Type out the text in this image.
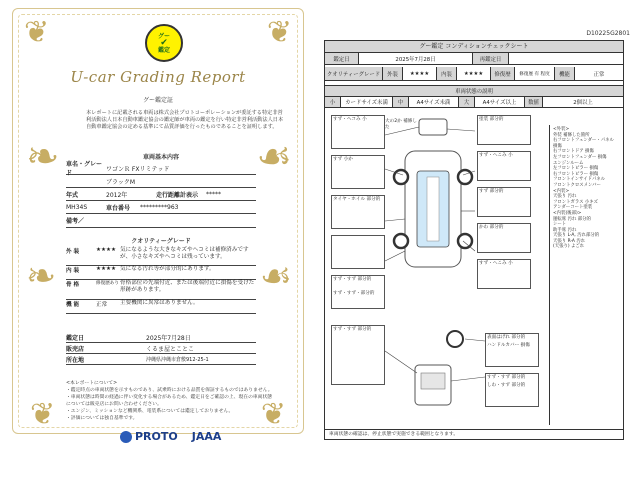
❦	❦
❧	☙
❧	☙
❦	❦
グー
✔
鑑定
U-car Grading Report
グー鑑定証
本レポートに記載される車両は株式会社プロトコーポレーションが委託する特定非営利活動法人日本自動車鑑定協会の鑑定師が車両の鑑定を行い特定非営利活動法人日本自動車鑑定協会の定める基準にて品質評価を行ったものであることを証明します。
車両基本内容
車名・グレード
ワゴンＲ FXリミテッド
ブラックM
年式	2012年	走行距離計表示	*****
MH34S	車台番号	*********963
備考／
クオリティーグレード
外 装	★★★★ 気になるような大きなキズやヘコミは補修済みですが、小さなキズやヘコミは残っています。
内 装	★★★★ 気になる汚れ等が部分的にあります。
骨 格	修復歴あり 骨格部位の先端付近、または後端付近に損傷を受けた形跡があります。
機 能	正常	主要機関に異常はありません。
鑑定日	2025年7月28日
販売店	くるま屋とことこ
所在地	沖縄県沖縄市倉敷912-25-1
<本レポートについて>
・鑑定時点の車両状態を示すものであり、試乗時における品質を保証するものではありません。
・車両状態は時間の経過に伴い変化する場合があるため、鑑定日をご確認の上、現在の車両状態については販売店にお問い合わせください。
・エンジン、ミッションなど機関系、電装系については鑑定しておりません。
・評価については独自基準です。
PROTO JAAA
D10225G2801
グー鑑定 コンディションチェックシート
鑑定日	2025年7月28日	再鑑定日
クオリティーグレード	外装	★★★★	内装	★★★★	修復歴	修復歴 有 程度	機能	正常
車両状態の説明
小	カードサイズ未満	中	A4サイズ未満	大	A4サイズ以上	数値	2個以上
すず・ヘコみ 小	大の2か 補修した
すず 小か
タイヤ・ホイル 部分的
塗装 部分的
すず・へこみ 小
すず 部分的
かわ 部分的
すず・へこみ 小
すず・すず 部分的
表面はげれ 部分的
ハンドルカバー 損傷
すず・すず 部分的
しわ・すず 部分的
すず・すず・部分的
すず・すず 部分的
<外装>
外装 補修した箇所
右フロントフェンダー・パネル 損傷
右フロントドア 損傷
左フロントフェンダー 損傷
エンジンルーム
左フロントピラー 損傷
右フロントピラー 損傷
フロントインサイドパネル
フロントクロスメンバー
<内装>
天張り 汚れ
フロントガラス 小キズ
アンダーコート塗装
<内装(後部)>
運転席 汚れ 部分的
シート
助手席 汚れ
天張り L-A, 汚れ部分的
天張り R-A 汚れ
(天張り) よごれ
車両状態の確認は、停止状態で実施できる範囲となります。
